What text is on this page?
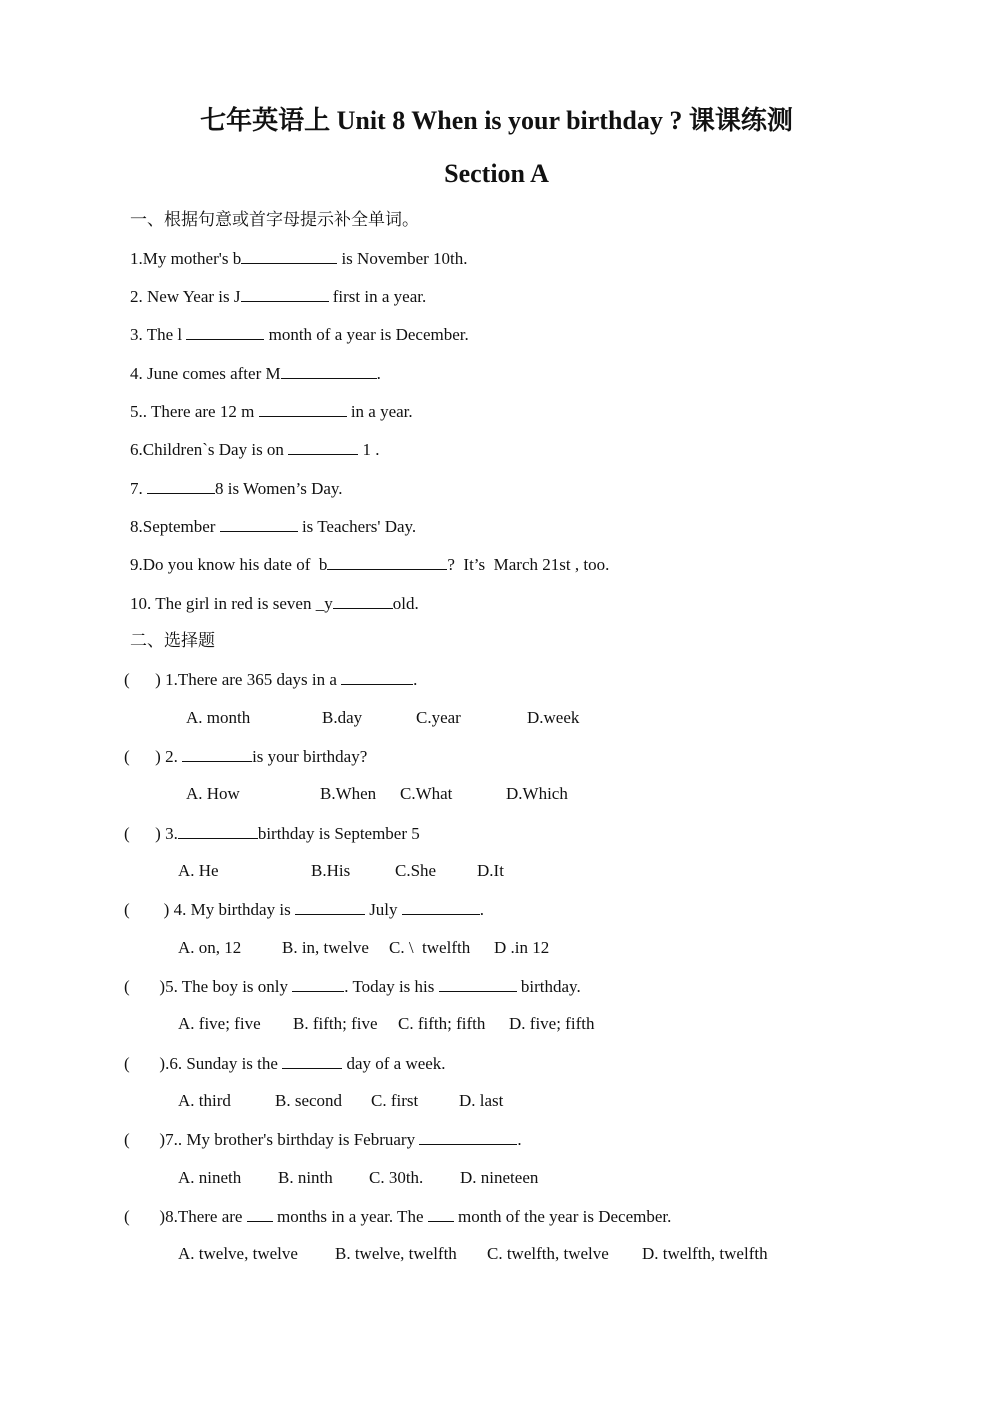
七年英语上 Unit 8 When is your birthday ? 课课练测
Section A
一、根据句意或首字母提示补全单词。
1.My mother's b	is November 10th.
2. New Year is J	first in a year.
3. The l	month of a year is December.
4. June comes after M	.
5.. There are 12 m	in a year.
6.Children`s Day is on	1 .
7.	8 is Women’s Day.
8.September	is Teachers' Day.
9.Do you know his date of  b	?  It’s  March 21st , too.
10. The girl in red is seven _y	old.
二、选择题
(      ) 1.There are 365 days in a	.
A. month	B.day	C.year	D.week
(      ) 2.	is your birthday?
A. How	B.When C.What	D.Which
(      ) 3.	birthday is September 5
A. He	B.His	C.She D.It
(        ) 4. My birthday is	July	.
A. on, 12 B. in, twelve C. \  twelfth D .in 12
(       )5. The boy is only	. Today is his	birthday.
A. five; five B. fifth; five C. fifth; fifth D. five; fifth
(       ).6. Sunday is the	day of a week.
A. third	B. second C. first D. last
(       )7.. My brother's birthday is February	.
A. nineth B. ninth C. 30th. D. nineteen
(       )8.There are  months in a year. The  month of the year is December.
A. twelve, twelve B. twelve, twelfth C. twelfth, twelve D. twelfth, twelfth
